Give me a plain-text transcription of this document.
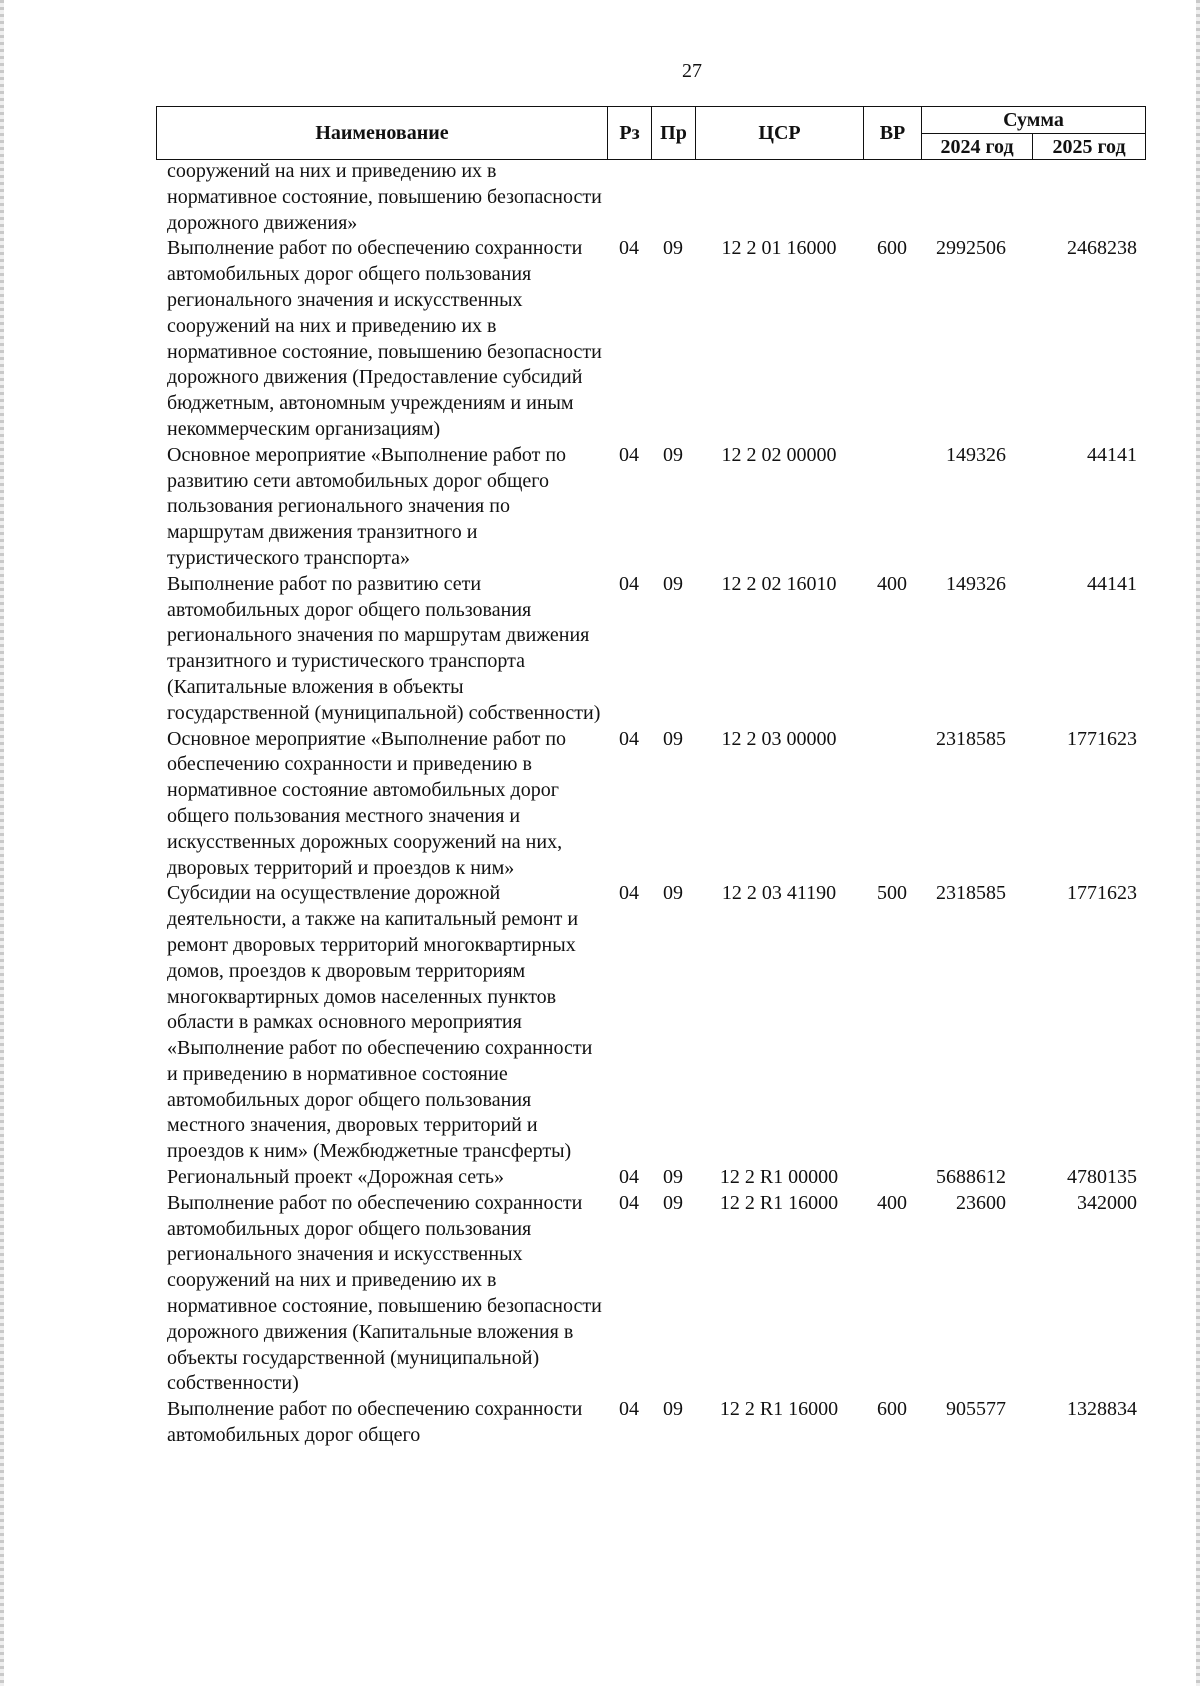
27
Наименование	Рз	Пр	ЦСР	ВР	Сумма	
					2024 год	2025 год
сооружений на них и приведению их в нормативное состояние, повышению безопасности дорожного движения»						
Выполнение работ по обеспечению сохранности автомобильных дорог общего пользования регионального значения и искусственных сооружений на них и приведению их в нормативное состояние, повышению безопасности дорожного движения (Предоставление субсидий бюджетным, автономным учреждениям и иным некоммерческим организациям)	04	09	12 2 01 16000	600	2992506	2468238
Основное мероприятие «Выполнение работ по развитию сети автомобильных дорог общего пользования регионального значения по маршрутам движения транзитного и туристического транспорта»	04	09	12 2 02 00000		149326	44141
Выполнение работ по развитию сети автомобильных дорог общего пользования регионального значения по маршрутам движения транзитного и туристического транспорта (Капитальные вложения в объекты государственной (муниципальной) собственности)	04	09	12 2 02 16010	400	149326	44141
Основное мероприятие «Выполнение работ по обеспечению сохранности и приведению в нормативное состояние автомобильных дорог общего пользования местного значения и искусственных дорожных сооружений на них, дворовых территорий и проездов к ним»	04	09	12 2 03 00000		2318585	1771623
Субсидии на осуществление дорожной деятельности, а также на капитальный ремонт и ремонт дворовых территорий многоквартирных домов, проездов к дворовым территориям многоквартирных домов населенных пунктов области в рамках основного мероприятия «Выполнение работ по обеспечению сохранности и приведению в нормативное состояние автомобильных дорог общего пользования местного значения, дворовых территорий и проездов к ним» (Межбюджетные трансферты)	04	09	12 2 03 41190	500	2318585	1771623
Региональный проект «Дорожная сеть»	04	09	12 2 R1 00000		5688612	4780135
Выполнение работ по обеспечению сохранности автомобильных дорог общего пользования регионального значения и искусственных сооружений на них и приведению их в нормативное состояние, повышению безопасности дорожного движения (Капитальные вложения в объекты государственной (муниципальной) собственности)	04	09	12 2 R1 16000	400	23600	342000
Выполнение работ по обеспечению сохранности автомобильных дорог общего	04	09	12 2 R1 16000	600	905577	1328834
